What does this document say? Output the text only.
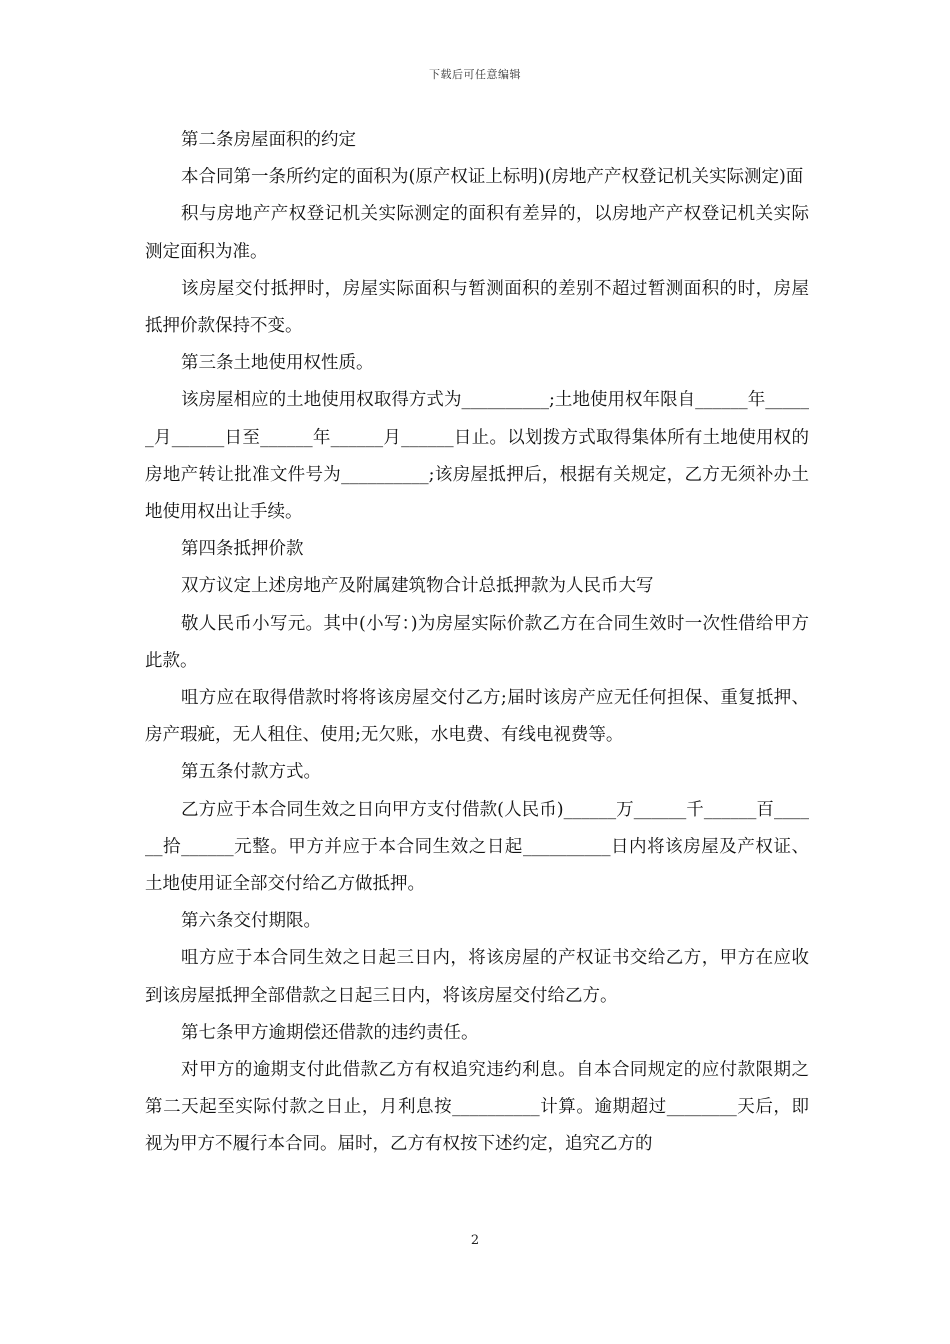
下载后可任意编辑

第二条房屋面积的约定

本合同第一条所约定的面积为(原产权证上标明)(房地产产权登记机关实际测定)面

积与房地产产权登记机关实际测定的面积有差异的，以房地产产权登记机关实际测定面积为准。

该房屋交付抵押时，房屋实际面积与暂测面积的差别不超过暂测面积的时，房屋抵押价款保持不变。

第三条土地使用权性质。

该房屋相应的土地使用权取得方式为__________;土地使用权年限自______年______月______日至______年______月______日止。以划拨方式取得集体所有土地使用权的房地产转让批准文件号为__________;该房屋抵押后，根据有关规定，乙方无须补办土地使用权出让手续。

第四条抵押价款

双方议定上述房地产及附属建筑物合计总抵押款为人民币大写

敬人民币小写元。其中(小写：)为房屋实际价款乙方在合同生效时一次性借给甲方此款。

咀方应在取得借款时将将该房屋交付乙方;届时该房产应无任何担保、重复抵押、房产瑕疵，无人租住、使用;无欠账，水电费、有线电视费等。

第五条付款方式。

乙方应于本合同生效之日向甲方支付借款(人民币)______万______千______百______拾______元整。甲方并应于本合同生效之日起__________日内将该房屋及产权证、土地使用证全部交付给乙方做抵押。

第六条交付期限。

咀方应于本合同生效之日起三日内，将该房屋的产权证书交给乙方，甲方在应收到该房屋抵押全部借款之日起三日内，将该房屋交付给乙方。

第七条甲方逾期偿还借款的违约责任。

对甲方的逾期支付此借款乙方有权追究违约利息。自本合同规定的应付款限期之第二天起至实际付款之日止，月利息按__________计算。逾期超过________天后，即视为甲方不履行本合同。届时，乙方有权按下述约定，追究乙方的

2
